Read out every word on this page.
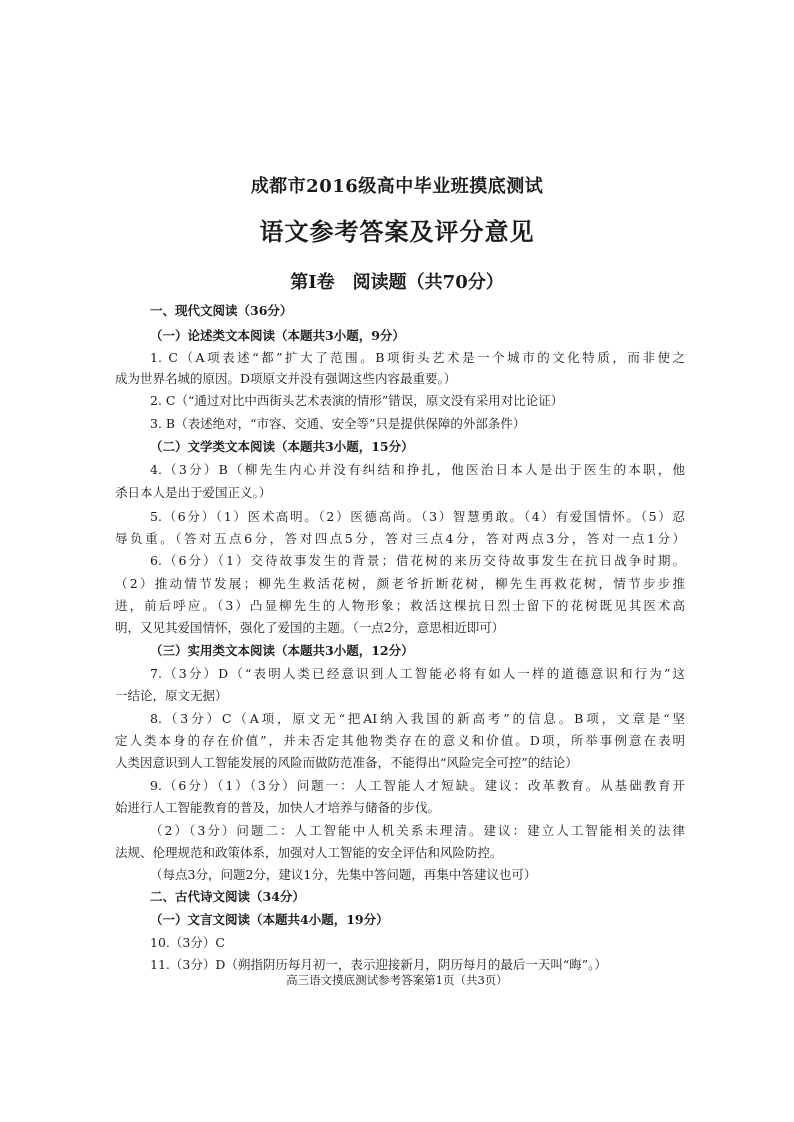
成都市2016级高中毕业班摸底测试
语文参考答案及评分意见
第Ⅰ卷　阅读题（共70分）
一、现代文阅读（36分）
（一）论述类文本阅读（本题共3小题，9分）
1. C（A项表述“都”扩大了范围。B项街头艺术是一个城市的文化特质，而非使之
成为世界名城的原因。D项原文并没有强调这些内容最重要。）
2. C（“通过对比中西街头艺术表演的情形”错误，原文没有采用对比论证）
3. B（表述绝对，“市容、交通、安全等”只是提供保障的外部条件）
（二）文学类文本阅读（本题共3小题，15分）
4.（3分）B（柳先生内心并没有纠结和挣扎，他医治日本人是出于医生的本职，他
杀日本人是出于爱国正义。）
5.（6分）（1）医术高明。（2）医德高尚。（3）智慧勇敢。（4）有爱国情怀。（5）忍
辱负重。（答对五点6分，答对四点5分，答对三点4分，答对两点3分，答对一点1分）
6.（6分）（1）交待故事发生的背景；借花树的来历交待故事发生在抗日战争时期。
（2）推动情节发展；柳先生救活花树，颜老爷折断花树，柳先生再救花树，情节步步推
进，前后呼应。（3）凸显柳先生的人物形象；救活这棵抗日烈士留下的花树既见其医术高
明，又见其爱国情怀，强化了爱国的主题。（一点2分，意思相近即可）
（三）实用类文本阅读（本题共3小题，12分）
7.（3分）D（“表明人类已经意识到人工智能必将有如人一样的道德意识和行为”这
一结论，原文无据）
8.（3分）C（A项，原文无“把AI纳入我国的新高考”的信息。B项，文章是“坚
定人类本身的存在价值”，并未否定其他物类存在的意义和价值。D项，所举事例意在表明
人类因意识到人工智能发展的风险而做防范准备，不能得出“风险完全可控”的结论）
9.（6分）（1）（3分）问题一：人工智能人才短缺。建议：改革教育。从基础教育开
始进行人工智能教育的普及，加快人才培养与储备的步伐。
（2）（3分）问题二：人工智能中人机关系未理清。建议：建立人工智能相关的法律
法规、伦理规范和政策体系，加强对人工智能的安全评估和风险防控。
（每点3分，问题2分，建议1分，先集中答问题，再集中答建议也可）
二、古代诗文阅读（34分）
（一）文言文阅读（本题共4小题，19分）
10.（3分）C
11.（3分）D（朔指阴历每月初一，表示迎接新月，阴历每月的最后一天叫“晦”。）
高三语文摸底测试参考答案第1页（共3页）
